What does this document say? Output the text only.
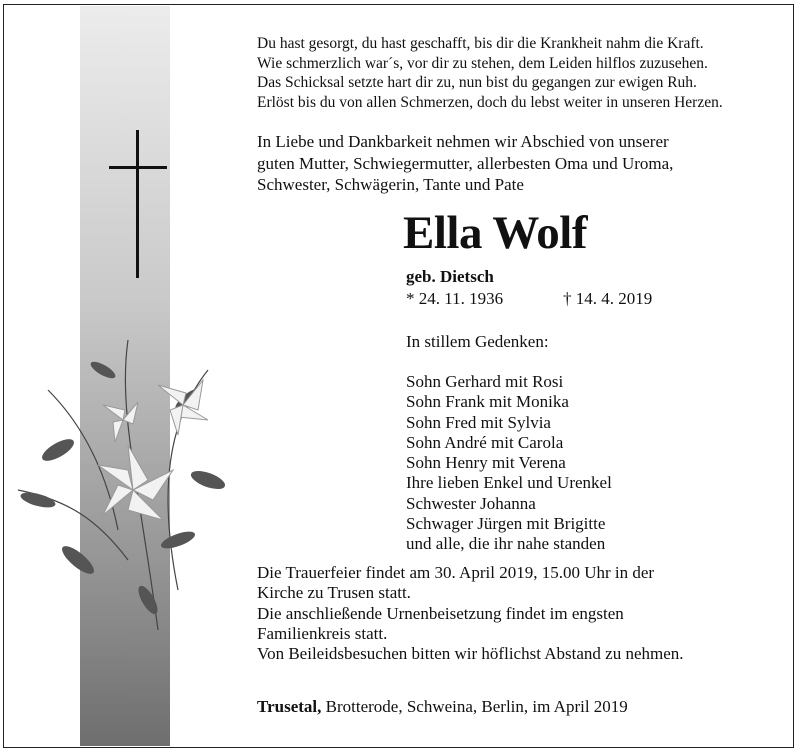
Du hast gesorgt, du hast geschafft, bis dir die Krankheit nahm die Kraft.
Wie schmerzlich war´s, vor dir zu stehen, dem Leiden hilflos zuzusehen.
Das Schicksal setzte hart dir zu, nun bist du gegangen zur ewigen Ruh.
Erlöst bis du von allen Schmerzen, doch du lebst weiter in unseren Herzen.
In Liebe und Dankbarkeit nehmen wir Abschied von unserer
guten Mutter, Schwiegermutter, allerbesten Oma und Uroma,
Schwester, Schwägerin, Tante und Pate
Ella Wolf
geb. Dietsch
* 24. 11. 1936	† 14. 4. 2019
In stillem Gedenken:
Sohn Gerhard mit Rosi
Sohn Frank mit Monika
Sohn Fred mit Sylvia
Sohn André mit Carola
Sohn Henry mit Verena
Ihre lieben Enkel und Urenkel
Schwester Johanna
Schwager Jürgen mit Brigitte
und alle, die ihr nahe standen
Die Trauerfeier findet am 30. April 2019, 15.00 Uhr in der
Kirche zu Trusen statt.
Die anschließende Urnenbeisetzung findet im engsten
Familienkreis statt.
Von Beileidsbesuchen bitten wir höflichst Abstand zu nehmen.
Trusetal, Brotterode, Schweina, Berlin, im April 2019
